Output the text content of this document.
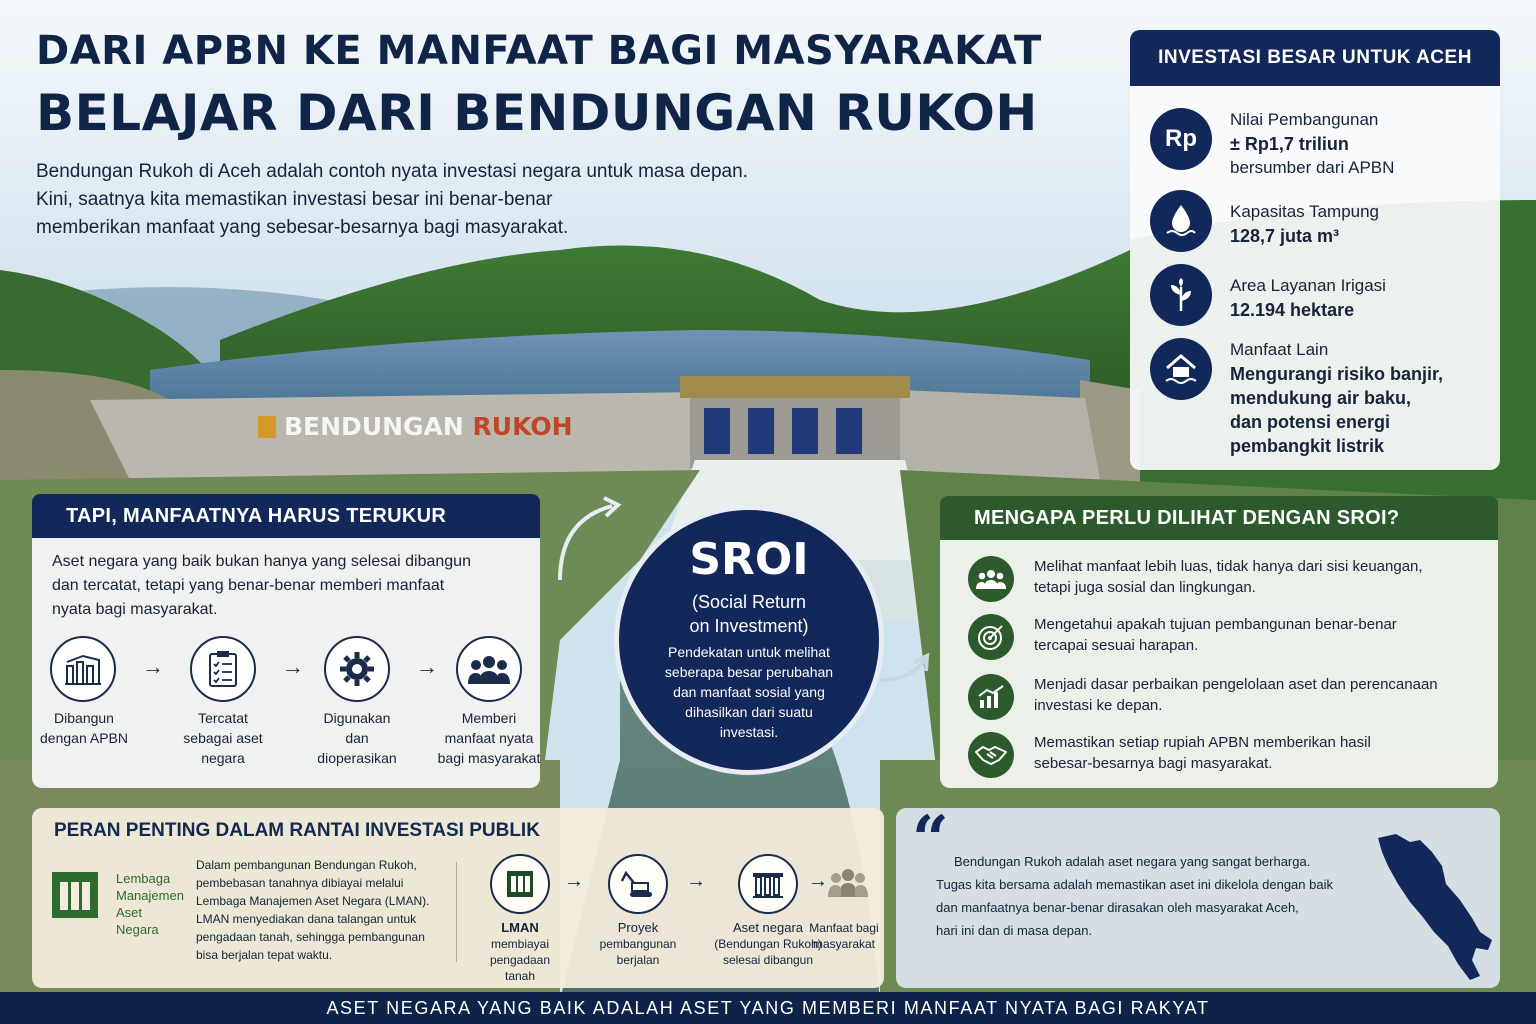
BENDUNGAN RUKOH
DARI APBN KE MANFAAT BAGI MASYARAKAT
BELAJAR DARI BENDUNGAN RUKOH
Bendungan Rukoh di Aceh adalah contoh nyata investasi negara untuk masa depan.
Kini, saatnya kita memastikan investasi besar ini benar-benar
memberikan manfaat yang sebesar-besarnya bagi masyarakat.
INVESTASI BESAR UNTUK ACEH
Rp
Nilai Pembangunan
± Rp1,7 triliun
bersumber dari APBN
Kapasitas Tampung
128,7 juta m³
Area Layanan Irigasi
12.194 hektare
Manfaat Lain
Mengurangi risiko banjir,
mendukung air baku,
dan potensi energi
pembangkit listrik
TAPI, MANFAATNYA HARUS TERUKUR
Aset negara yang baik bukan hanya yang selesai dibangun
dan tercatat, tetapi yang benar-benar memberi manfaat
nyata bagi masyarakat.
→	→	→
Dibangun
dengan APBN
Tercatat
sebagai aset
negara
Digunakan
dan
dioperasikan
Memberi
manfaat nyata
bagi masyarakat
SROI
(Social Return
on Investment)
Pendekatan untuk melihat
seberapa besar perubahan
dan manfaat sosial yang
dihasilkan dari suatu
investasi.
MENGAPA PERLU DILIHAT DENGAN SROI?
Melihat manfaat lebih luas, tidak hanya dari sisi keuangan,
tetapi juga sosial dan lingkungan.
Mengetahui apakah tujuan pembangunan benar-benar
tercapai sesuai harapan.
Menjadi dasar perbaikan pengelolaan aset dan perencanaan
investasi ke depan.
Memastikan setiap rupiah APBN memberikan hasil
sebesar-besarnya bagi masyarakat.
PERAN PENTING DALAM RANTAI INVESTASI PUBLIK
Lembaga
Manajemen
Aset
Negara
Dalam pembangunan Bendungan Rukoh,
pembebasan tanahnya dibiayai melalui
Lembaga Manajemen Aset Negara (LMAN).
LMAN menyediakan dana talangan untuk
pengadaan tanah, sehingga pembangunan
bisa berjalan tepat waktu.
→	→	→
LMAN
membiayai
pengadaan
tanah
Proyek
pembangunan
berjalan
Aset negara
(Bendungan Rukoh)
selesai dibangun
Manfaat bagi
masyarakat
“ Bendungan Rukoh adalah aset negara yang sangat berharga.
Tugas kita bersama adalah memastikan aset ini dikelola dengan baik
dan manfaatnya benar-benar dirasakan oleh masyarakat Aceh,
hari ini dan di masa depan.
ASET NEGARA YANG BAIK ADALAH ASET YANG MEMBERI MANFAAT NYATA BAGI RAKYAT
